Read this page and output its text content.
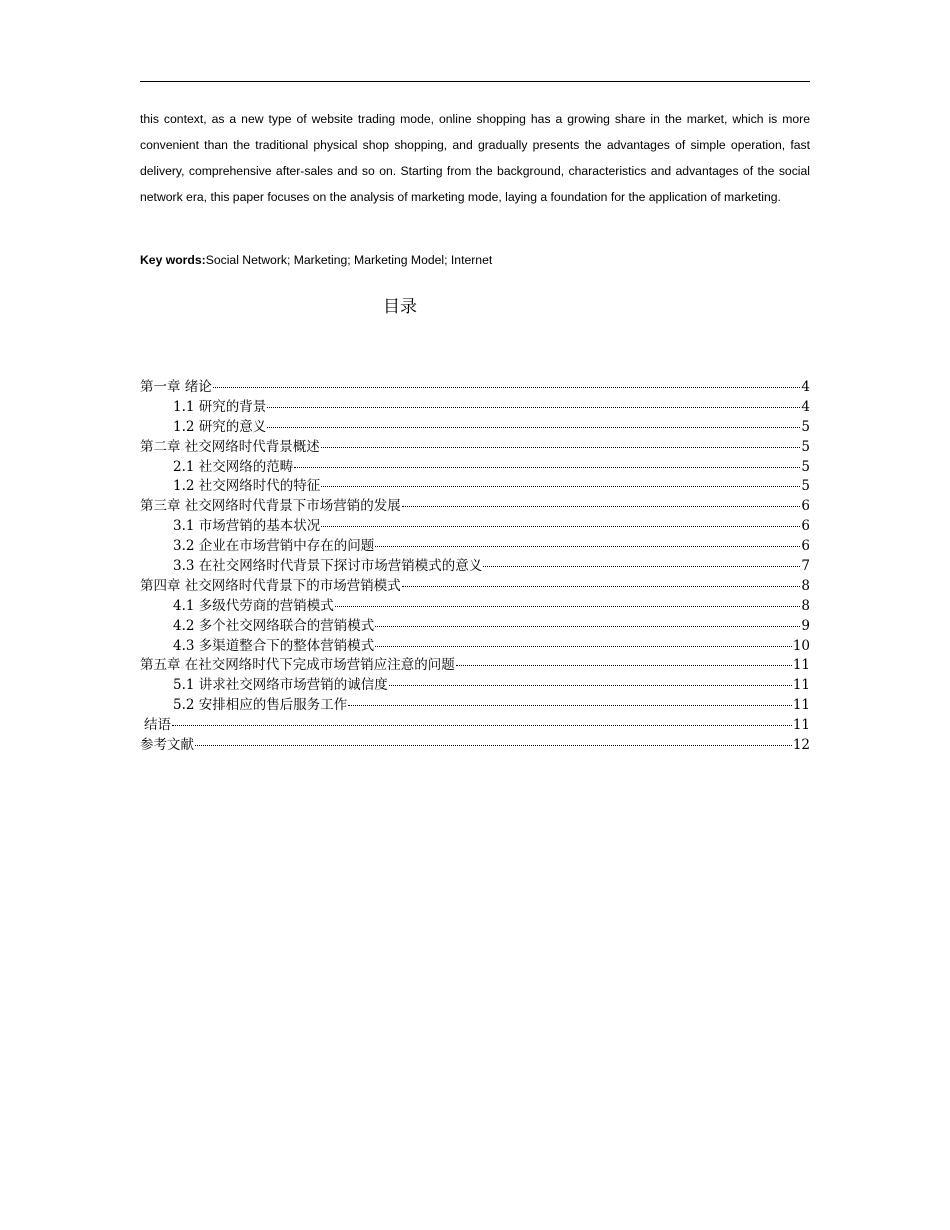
this context, as a new type of website trading mode, online shopping has a growing share in the market, which is more convenient than the traditional physical shop shopping, and gradually presents the advantages of simple operation, fast delivery, comprehensive after-sales and so on. Starting from the background, characteristics and advantages of the social network era, this paper focuses on the analysis of marketing mode, laying a foundation for the application of marketing.
Key words:Social Network; Marketing; Marketing Model; Internet
目录
第一章 绪论	4
1.1 研究的背景	4
1.2 研究的意义	5
第二章 社交网络时代背景概述	5
2.1 社交网络的范畴	5
1.2 社交网络时代的特征	5
第三章 社交网络时代背景下市场营销的发展	6
3.1 市场营销的基本状况	6
3.2 企业在市场营销中存在的问题	6
3.3 在社交网络时代背景下探讨市场营销模式的意义	7
第四章 社交网络时代背景下的市场营销模式	8
4.1 多级代劳商的营销模式	8
4.2 多个社交网络联合的营销模式	9
4.3 多渠道整合下的整体营销模式	10
第五章 在社交网络时代下完成市场营销应注意的问题	11
5.1 讲求社交网络市场营销的诚信度	11
5.2 安排相应的售后服务工作	11
结语	11
参考文献	12
